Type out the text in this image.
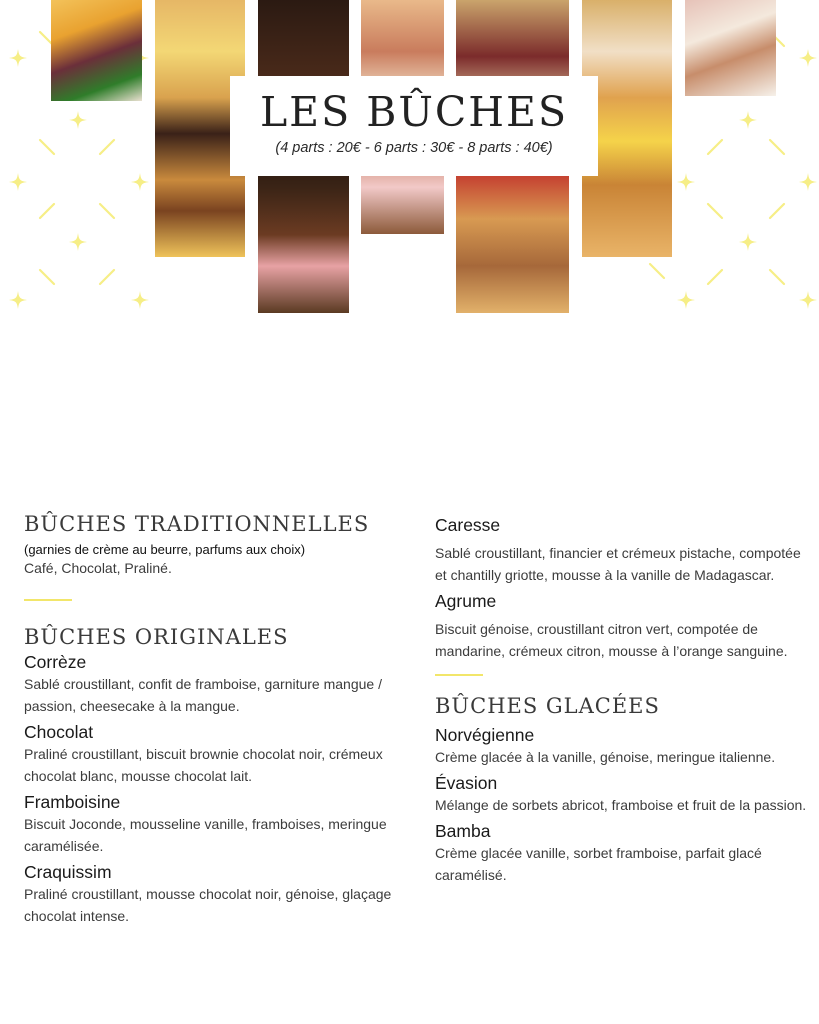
LES BÛCHES
(4 parts : 20€ - 6 parts : 30€ - 8 parts : 40€)
BÛCHES TRADITIONNELLES
(garnies de crème au beurre, parfums aux choix)
Café, Chocolat, Praliné.
BÛCHES ORIGINALES
Corrèze
Sablé croustillant, confit de framboise, garniture mangue / passion, cheesecake à la mangue.
Chocolat
Praliné croustillant, biscuit brownie chocolat noir, crémeux chocolat blanc, mousse chocolat lait.
Framboisine
Biscuit Joconde, mousseline vanille, framboises, meringue caramélisée.
Craquissim
Praliné croustillant, mousse chocolat noir, génoise, glaçage chocolat intense.
Caresse
Sablé croustillant, financier et crémeux pistache, compotée et chantilly griotte, mousse à la vanille de Madagascar.
Agrume
Biscuit génoise, croustillant citron vert, compotée de mandarine, crémeux citron, mousse à l’orange sanguine.
BÛCHES GLACÉES
Norvégienne
Crème glacée à la vanille, génoise, meringue italienne.
Évasion
Mélange de sorbets abricot, framboise et fruit de la passion.
Bamba
Crème glacée vanille, sorbet framboise, parfait glacé caramélisé.
